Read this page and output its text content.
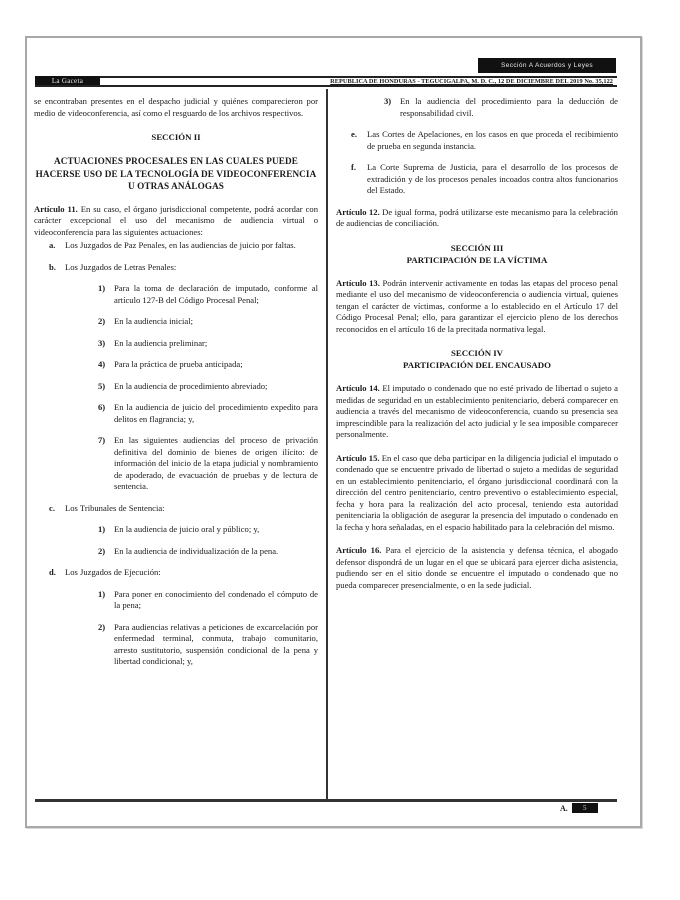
Sección A Acuerdos y Leyes
La Gaceta	REPUBLICA DE HONDURAS - TEGUCIGALPA, M. D. C., 12 DE DICIEMBRE DEL 2019 No. 35,122

se encontraban presentes en el despacho judicial y quiénes comparecieron por medio de videoconferencia, así como el resguardo de los archivos respectivos.

SECCIÓN II
ACTUACIONES PROCESALES EN LAS CUALES PUEDE HACERSE USO DE LA TECNOLOGÍA DE VIDEOCONFERENCIA U OTRAS ANÁLOGAS

Artículo 11. En su caso, el órgano jurisdiccional competente, podrá acordar con carácter excepcional el uso del mecanismo de audiencia virtual o videoconferencia para las siguientes actuaciones:

a.	Los Juzgados de Paz Penales, en las audiencias de juicio por faltas.
b.	Los Juzgados de Letras Penales:
1)	Para la toma de declaración de imputado, conforme al artículo 127-B del Código Procesal Penal;
2)	En la audiencia inicial;
3)	En la audiencia preliminar;
4)	Para la práctica de prueba anticipada;
5)	En la audiencia de procedimiento abreviado;
6)	En la audiencia de juicio del procedimiento expedito para delitos en flagrancia; y,
7)	En las siguientes audiencias del proceso de privación definitiva del dominio de bienes de origen ilícito: de información del inicio de la etapa judicial y nombramiento de apoderado, de evacuación de pruebas y de lectura de sentencia.
c.	Los Tribunales de Sentencia:
1)	En la audiencia de juicio oral y público; y,
2)	En la audiencia de individualización de la pena.
d.	Los Juzgados de Ejecución:
1)	Para poner en conocimiento del condenado el cómputo de la pena;
2)	Para audiencias relativas a peticiones de excarcelación por enfermedad terminal, conmuta, trabajo comunitario, arresto sustitutorio, suspensión condicional de la pena y libertad condicional; y,
3)	En la audiencia del procedimiento para la deducción de responsabilidad civil.
e.	Las Cortes de Apelaciones, en los casos en que proceda el recibimiento de prueba en segunda instancia.
f.	La Corte Suprema de Justicia, para el desarrollo de los procesos de extradición y de los procesos penales incoados contra altos funcionarios del Estado.

Artículo 12. De igual forma, podrá utilizarse este mecanismo para la celebración de audiencias de conciliación.

SECCIÓN III
PARTICIPACIÓN DE LA VÍCTIMA

Artículo 13. Podrán intervenir activamente en todas las etapas del proceso penal mediante el uso del mecanismo de videoconferencia o audiencia virtual, quienes tengan el carácter de víctimas, conforme a lo establecido en el Artículo 17 del Código Procesal Penal; ello, para garantizar el ejercicio pleno de los derechos reconocidos en el artículo 16 de la precitada normativa legal.

SECCIÓN IV
PARTICIPACIÓN DEL ENCAUSADO

Artículo 14. El imputado o condenado que no esté privado de libertad o sujeto a medidas de seguridad en un establecimiento penitenciario, deberá comparecer en audiencia a través del mecanismo de videoconferencia, cuando su presencia sea imprescindible para la realización del acto judicial y le sea imposible comparecer personalmente.

Artículo 15. En el caso que deba participar en la diligencia judicial el imputado o condenado que se encuentre privado de libertad o sujeto a medidas de seguridad en un establecimiento penitenciario, el órgano jurisdiccional coordinará con la dirección del centro penitenciario, centro preventivo o establecimiento especial, fecha y hora para la realización del acto procesal, teniendo esta autoridad penitenciaria la obligación de asegurar la presencia del imputado o condenado en la fecha y hora señaladas, en el espacio habilitado para la celebración del mismo.

Artículo 16. Para el ejercicio de la asistencia y defensa técnica, el abogado defensor dispondrá de un lugar en el que se ubicará para ejercer dicha asistencia, pudiendo ser en el sitio donde se encuentre el imputado o condenado que no pueda comparecer presencialmente, o en la sede judicial.

A.	5
